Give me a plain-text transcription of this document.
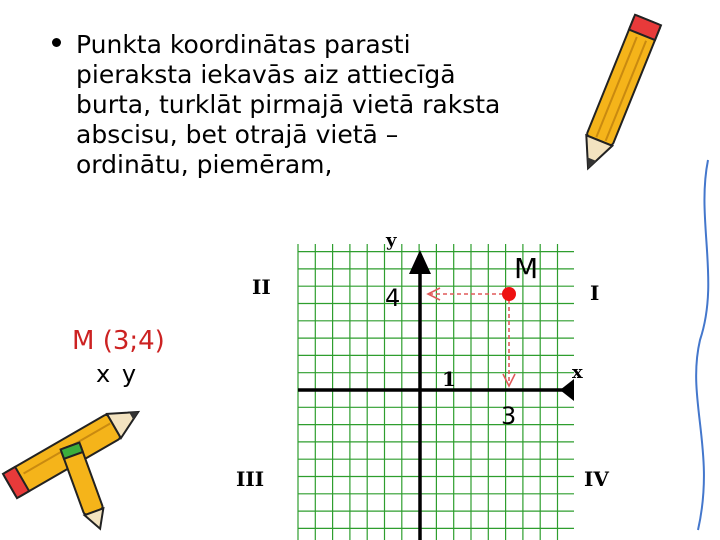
Punkta koordinātas parasti
pieraksta iekavās aiz attiecīgā
burta, turklāt pirmajā vietā raksta
abscisu, bet otrajā vietā –
ordinātu, piemēram,
M (3;4)
x y
y
x
M
4
3
1
I
II
III	IV
